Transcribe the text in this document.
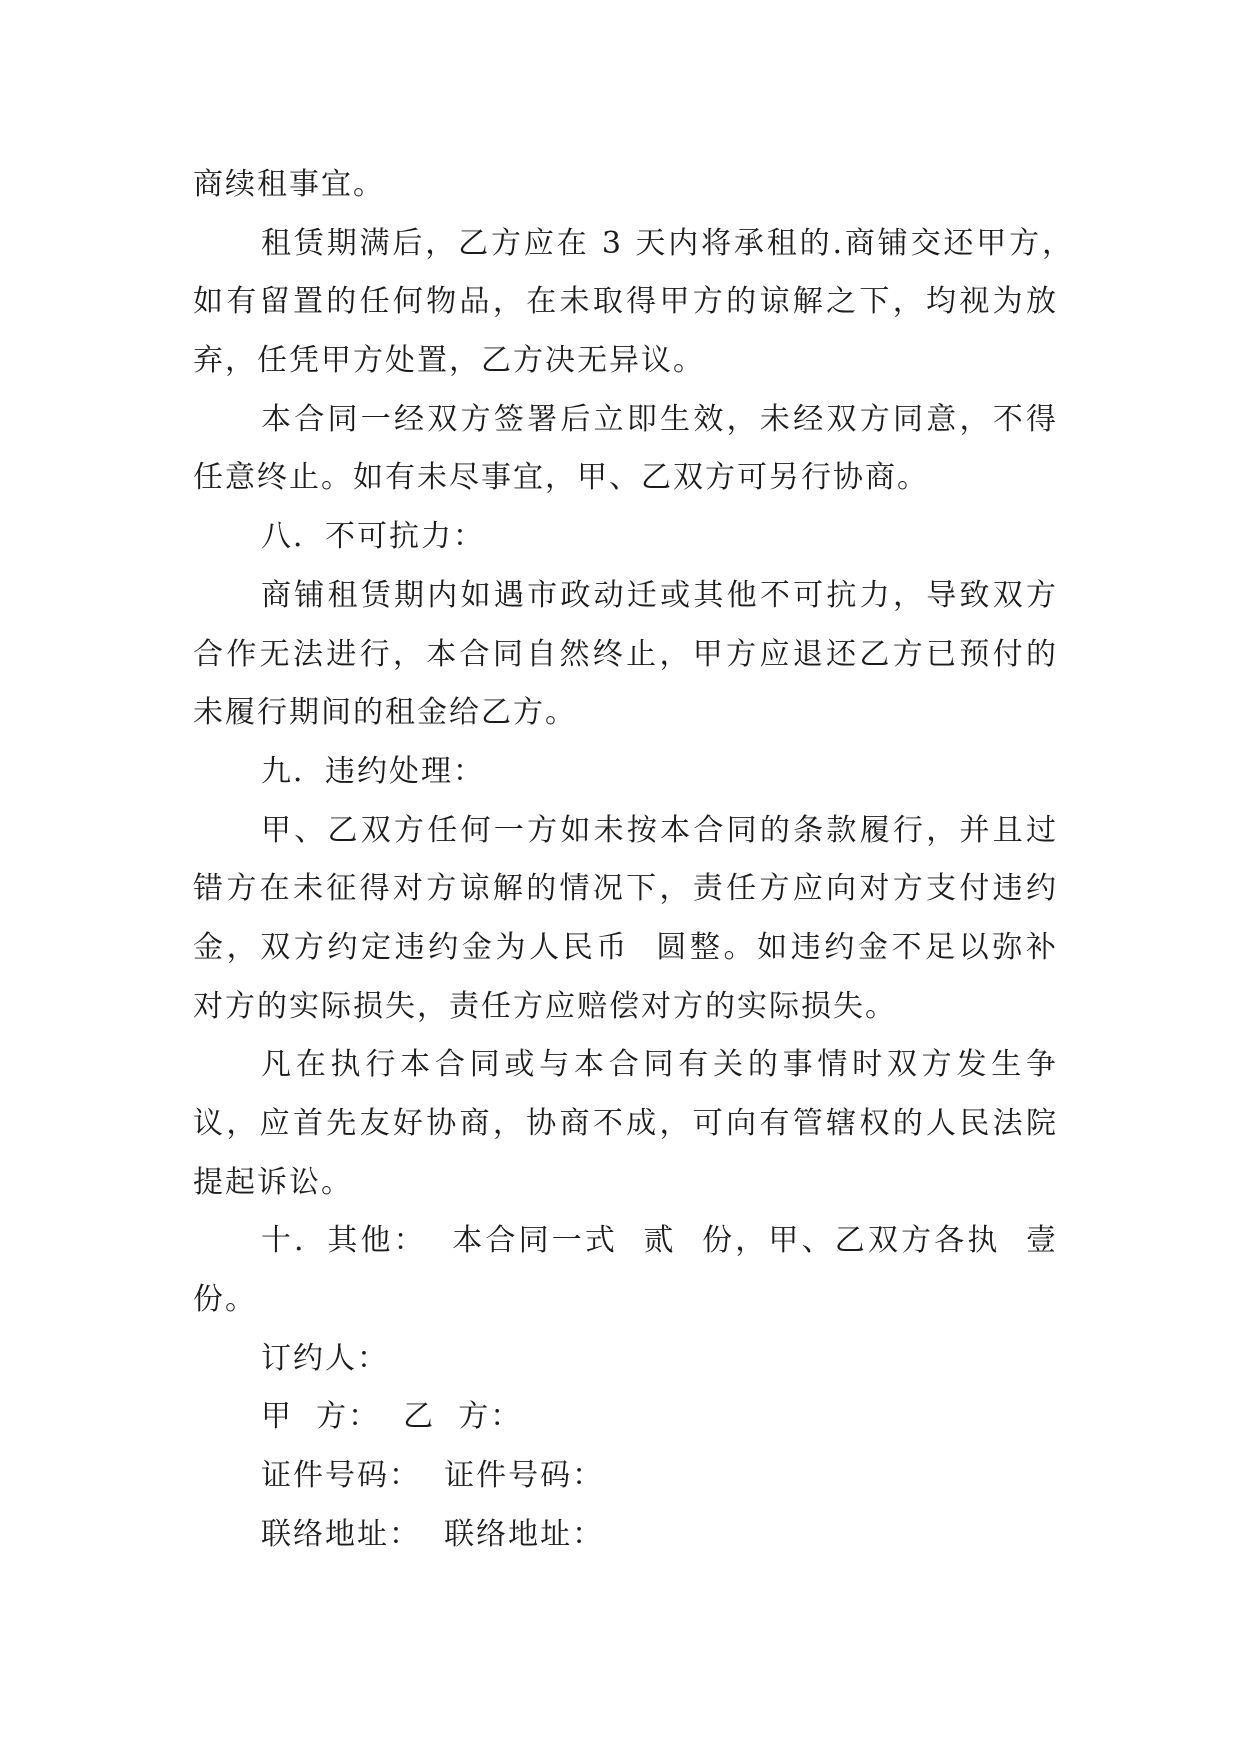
商续租事宜。
租赁期满后，乙方应在 3 天内将承租的.商铺交还甲方，
如有留置的任何物品，在未取得甲方的谅解之下，均视为放
弃，任凭甲方处置，乙方决无异议。
本合同一经双方签署后立即生效，未经双方同意，不得
任意终止。如有未尽事宜，甲、乙双方可另行协商。
八．不可抗力：
商铺租赁期内如遇市政动迁或其他不可抗力，导致双方
合作无法进行，本合同自然终止，甲方应退还乙方已预付的
未履行期间的租金给乙方。
九．违约处理：
甲、乙双方任何一方如未按本合同的条款履行，并且过
错方在未征得对方谅解的情况下，责任方应向对方支付违约
金，双方约定违约金为人民币  圆整。如违约金不足以弥补
对方的实际损失，责任方应赔偿对方的实际损失。
凡在执行本合同或与本合同有关的事情时双方发生争
议，应首先友好协商，协商不成，可向有管辖权的人民法院
提起诉讼。
十．其他：  本合同一式  贰  份，甲、乙双方各执  壹
份。
订约人：
甲  方：  乙  方：
证件号码：  证件号码：
联络地址：  联络地址：
